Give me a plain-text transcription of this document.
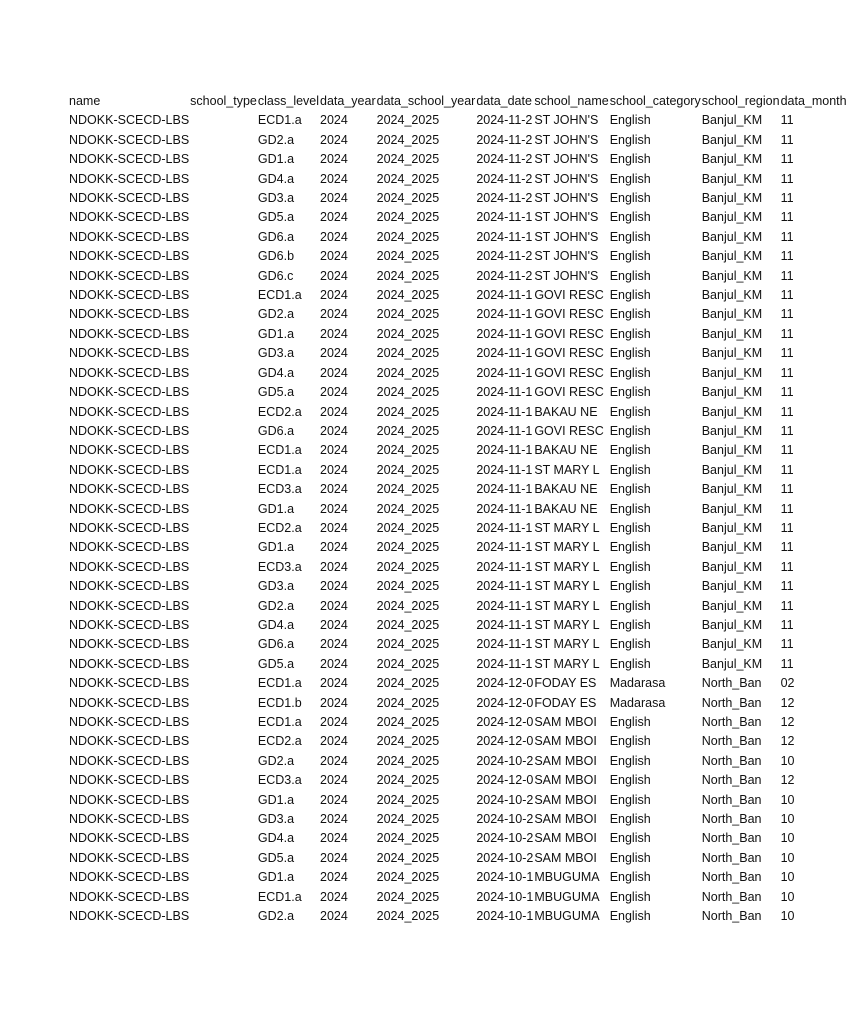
name	school_type	class_level	data_year	data_school_year	data_date	school_name	school_category	school_region	data_month
NDOKK-SCECD-LBS		ECD1.a	2024	2024_2025	2024-11-2	ST JOHN'S	English	Banjul_KM	11
NDOKK-SCECD-LBS		GD2.a	2024	2024_2025	2024-11-2	ST JOHN'S	English	Banjul_KM	11
NDOKK-SCECD-LBS		GD1.a	2024	2024_2025	2024-11-2	ST JOHN'S	English	Banjul_KM	11
NDOKK-SCECD-LBS		GD4.a	2024	2024_2025	2024-11-2	ST JOHN'S	English	Banjul_KM	11
NDOKK-SCECD-LBS		GD3.a	2024	2024_2025	2024-11-2	ST JOHN'S	English	Banjul_KM	11
NDOKK-SCECD-LBS		GD5.a	2024	2024_2025	2024-11-1	ST JOHN'S	English	Banjul_KM	11
NDOKK-SCECD-LBS		GD6.a	2024	2024_2025	2024-11-1	ST JOHN'S	English	Banjul_KM	11
NDOKK-SCECD-LBS		GD6.b	2024	2024_2025	2024-11-2	ST JOHN'S	English	Banjul_KM	11
NDOKK-SCECD-LBS		GD6.c	2024	2024_2025	2024-11-2	ST JOHN'S	English	Banjul_KM	11
NDOKK-SCECD-LBS		ECD1.a	2024	2024_2025	2024-11-1	GOVI RESC	English	Banjul_KM	11
NDOKK-SCECD-LBS		GD2.a	2024	2024_2025	2024-11-1	GOVI RESC	English	Banjul_KM	11
NDOKK-SCECD-LBS		GD1.a	2024	2024_2025	2024-11-1	GOVI RESC	English	Banjul_KM	11
NDOKK-SCECD-LBS		GD3.a	2024	2024_2025	2024-11-1	GOVI RESC	English	Banjul_KM	11
NDOKK-SCECD-LBS		GD4.a	2024	2024_2025	2024-11-1	GOVI RESC	English	Banjul_KM	11
NDOKK-SCECD-LBS		GD5.a	2024	2024_2025	2024-11-1	GOVI RESC	English	Banjul_KM	11
NDOKK-SCECD-LBS		ECD2.a	2024	2024_2025	2024-11-1	BAKAU NE	English	Banjul_KM	11
NDOKK-SCECD-LBS		GD6.a	2024	2024_2025	2024-11-1	GOVI RESC	English	Banjul_KM	11
NDOKK-SCECD-LBS		ECD1.a	2024	2024_2025	2024-11-1	BAKAU NE	English	Banjul_KM	11
NDOKK-SCECD-LBS		ECD1.a	2024	2024_2025	2024-11-1	ST MARY L	English	Banjul_KM	11
NDOKK-SCECD-LBS		ECD3.a	2024	2024_2025	2024-11-1	BAKAU NE	English	Banjul_KM	11
NDOKK-SCECD-LBS		GD1.a	2024	2024_2025	2024-11-1	BAKAU NE	English	Banjul_KM	11
NDOKK-SCECD-LBS		ECD2.a	2024	2024_2025	2024-11-1	ST MARY L	English	Banjul_KM	11
NDOKK-SCECD-LBS		GD1.a	2024	2024_2025	2024-11-1	ST MARY L	English	Banjul_KM	11
NDOKK-SCECD-LBS		ECD3.a	2024	2024_2025	2024-11-1	ST MARY L	English	Banjul_KM	11
NDOKK-SCECD-LBS		GD3.a	2024	2024_2025	2024-11-1	ST MARY L	English	Banjul_KM	11
NDOKK-SCECD-LBS		GD2.a	2024	2024_2025	2024-11-1	ST MARY L	English	Banjul_KM	11
NDOKK-SCECD-LBS		GD4.a	2024	2024_2025	2024-11-1	ST MARY L	English	Banjul_KM	11
NDOKK-SCECD-LBS		GD6.a	2024	2024_2025	2024-11-1	ST MARY L	English	Banjul_KM	11
NDOKK-SCECD-LBS		GD5.a	2024	2024_2025	2024-11-1	ST MARY L	English	Banjul_KM	11
NDOKK-SCECD-LBS		ECD1.a	2024	2024_2025	2024-12-0	FODAY ES	Madarasa	North_Ban	02
NDOKK-SCECD-LBS		ECD1.b	2024	2024_2025	2024-12-0	FODAY ES	Madarasa	North_Ban	12
NDOKK-SCECD-LBS		ECD1.a	2024	2024_2025	2024-12-0	SAM MBOI	English	North_Ban	12
NDOKK-SCECD-LBS		ECD2.a	2024	2024_2025	2024-12-0	SAM MBOI	English	North_Ban	12
NDOKK-SCECD-LBS		GD2.a	2024	2024_2025	2024-10-2	SAM MBOI	English	North_Ban	10
NDOKK-SCECD-LBS		ECD3.a	2024	2024_2025	2024-12-0	SAM MBOI	English	North_Ban	12
NDOKK-SCECD-LBS		GD1.a	2024	2024_2025	2024-10-2	SAM MBOI	English	North_Ban	10
NDOKK-SCECD-LBS		GD3.a	2024	2024_2025	2024-10-2	SAM MBOI	English	North_Ban	10
NDOKK-SCECD-LBS		GD4.a	2024	2024_2025	2024-10-2	SAM MBOI	English	North_Ban	10
NDOKK-SCECD-LBS		GD5.a	2024	2024_2025	2024-10-2	SAM MBOI	English	North_Ban	10
NDOKK-SCECD-LBS		GD1.a	2024	2024_2025	2024-10-1	MBUGUMA	English	North_Ban	10
NDOKK-SCECD-LBS		ECD1.a	2024	2024_2025	2024-10-1	MBUGUMA	English	North_Ban	10
NDOKK-SCECD-LBS		GD2.a	2024	2024_2025	2024-10-1	MBUGUMA	English	North_Ban	10
